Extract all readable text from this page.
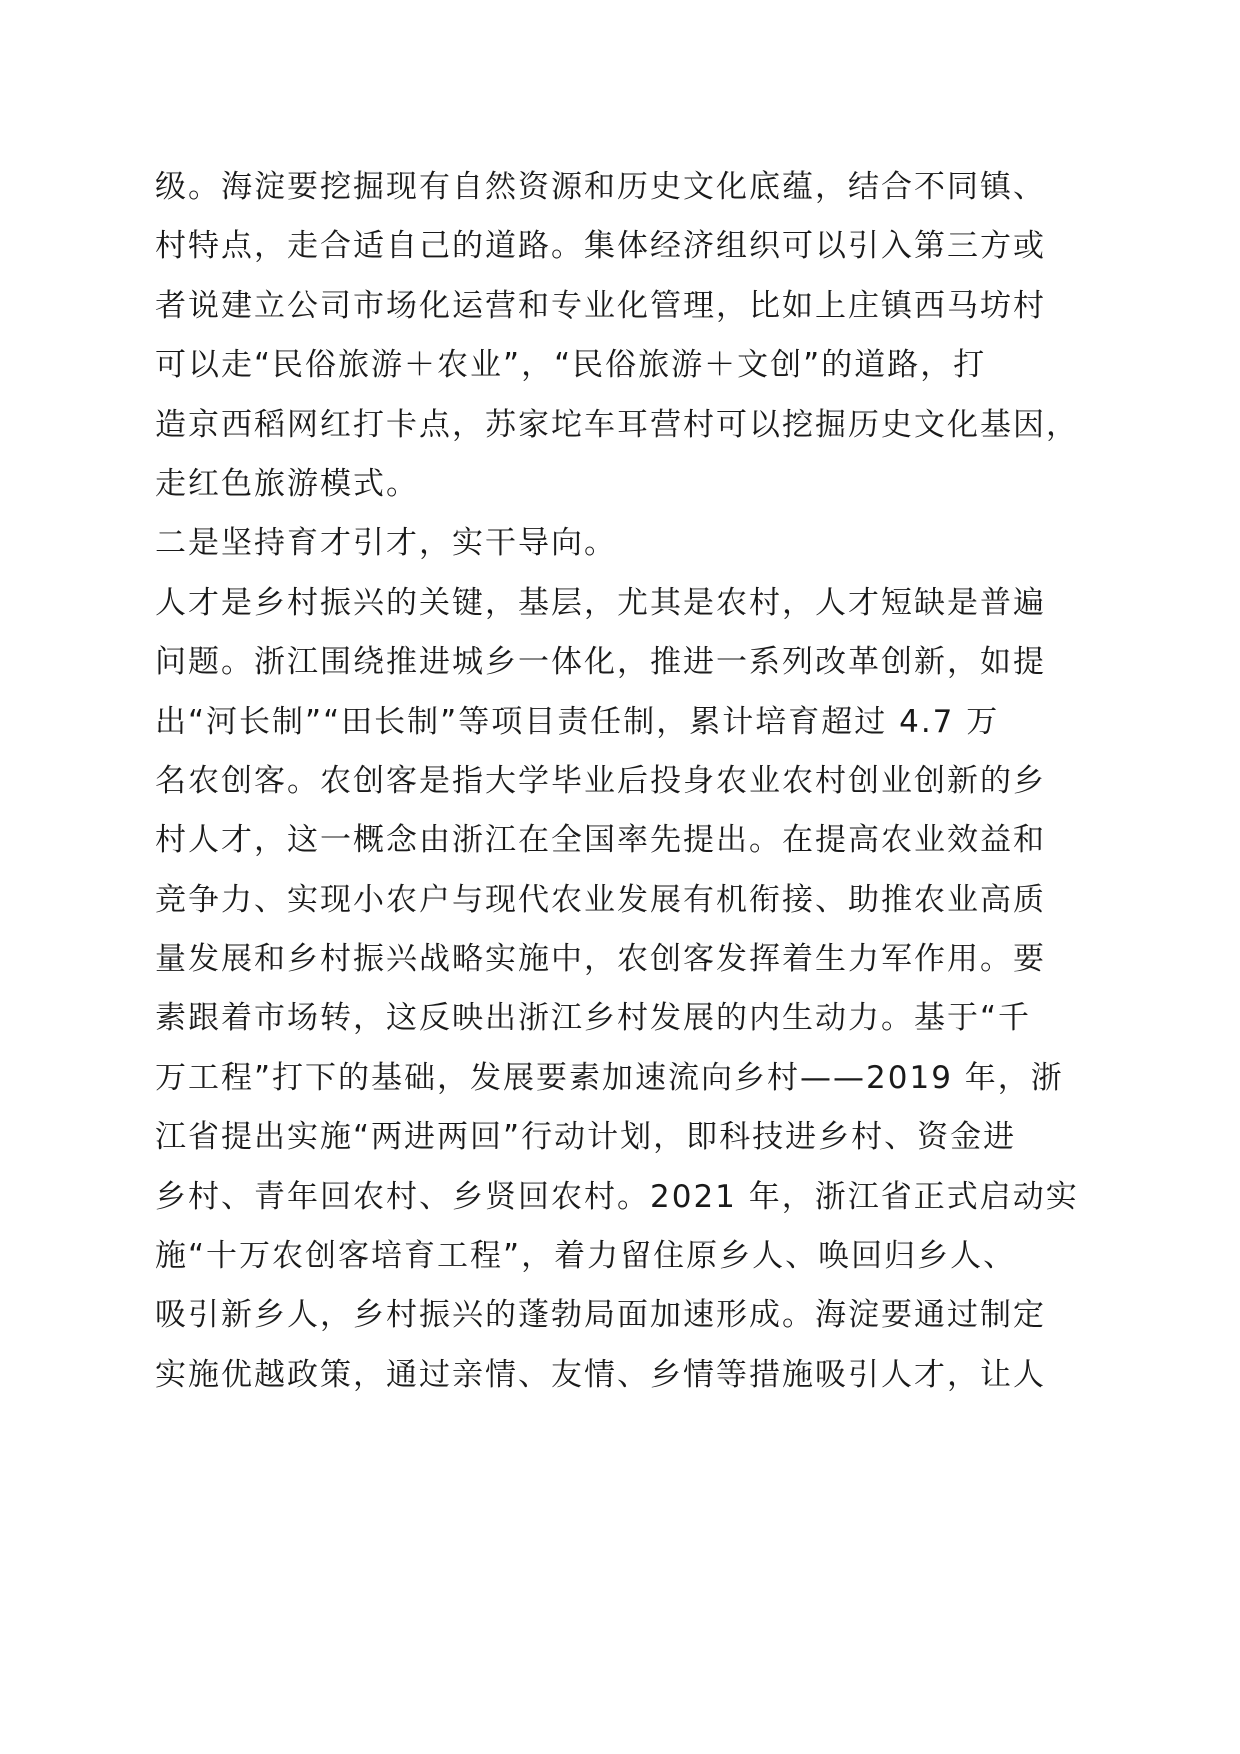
级。海淀要挖掘现有自然资源和历史文化底蕴，结合不同镇、
村特点，走合适自己的道路。集体经济组织可以引入第三方或
者说建立公司市场化运营和专业化管理，比如上庄镇西马坊村
可以走“民俗旅游＋农业”，“民俗旅游＋文创”的道路，打
造京西稻网红打卡点，苏家坨车耳营村可以挖掘历史文化基因，
走红色旅游模式。
二是坚持育才引才，实干导向。
人才是乡村振兴的关键，基层，尤其是农村，人才短缺是普遍
问题。浙江围绕推进城乡一体化，推进一系列改革创新，如提
出“河长制”“田长制”等项目责任制，累计培育超过 4.7 万
名农创客。农创客是指大学毕业后投身农业农村创业创新的乡
村人才，这一概念由浙江在全国率先提出。在提高农业效益和
竞争力、实现小农户与现代农业发展有机衔接、助推农业高质
量发展和乡村振兴战略实施中，农创客发挥着生力军作用。要
素跟着市场转，这反映出浙江乡村发展的内生动力。基于“千
万工程”打下的基础，发展要素加速流向乡村——2019 年，浙
江省提出实施“两进两回”行动计划，即科技进乡村、资金进
乡村、青年回农村、乡贤回农村。2021 年，浙江省正式启动实
施“十万农创客培育工程”，着力留住原乡人、唤回归乡人、
吸引新乡人，乡村振兴的蓬勃局面加速形成。海淀要通过制定
实施优越政策，通过亲情、友情、乡情等措施吸引人才，让人
